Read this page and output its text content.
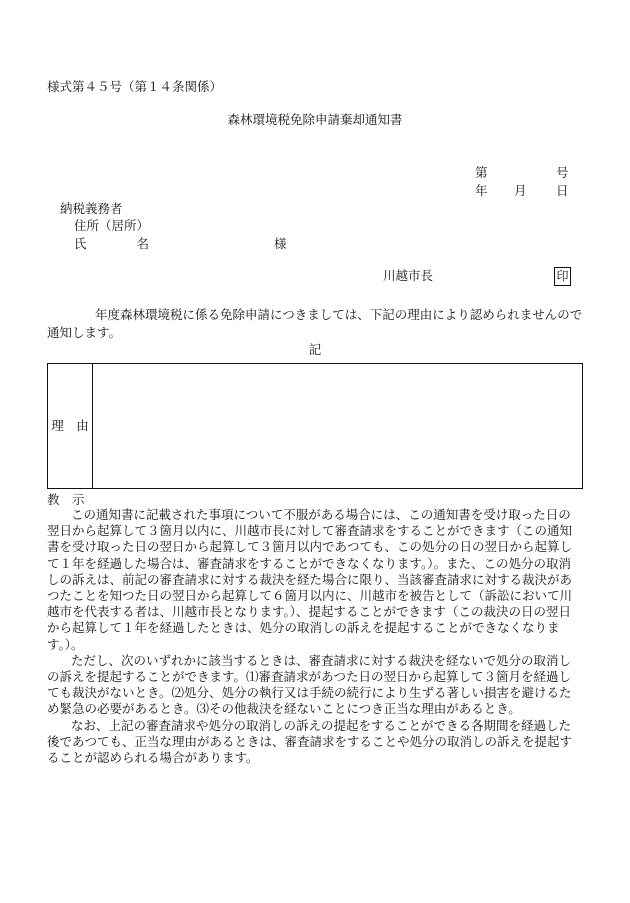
様式第４５号（第１４条関係）
森林環境税免除申請棄却通知書
第	号
年 月 日
納税義務者
住所（居所）
氏　　　　名	様
川越市長	印
年度森林環境税に係る免除申請につきましては、下記の理由により認められませんので通知します。
記
理　由
教　示

この通知書に記載された事項について不服がある場合には、この通知書を受け取った日の翌日から起算して３箇月以内に、川越市長に対して審査請求をすることができます（この通知書を受け取った日の翌日から起算して３箇月以内であつても、この処分の日の翌日から起算して１年を経過した場合は、審査請求をすることができなくなります。）。また、この処分の取消しの訴えは、前記の審査請求に対する裁決を経た場合に限り、当該審査請求に対する裁決があつたことを知つた日の翌日から起算して６箇月以内に、川越市を被告として（訴訟において川越市を代表する者は、川越市長となります。）、提起することができます（この裁決の日の翌日から起算して１年を経過したときは、処分の取消しの訴えを提起することができなくなります。）。

ただし、次のいずれかに該当するときは、審査請求に対する裁決を経ないで処分の取消しの訴えを提起することができます。⑴審査請求があつた日の翌日から起算して３箇月を経過しても裁決がないとき。⑵処分、処分の執行又は手続の続行により生ずる著しい損害を避けるため緊急の必要があるとき。⑶その他裁決を経ないことにつき正当な理由があるとき。

なお、上記の審査請求や処分の取消しの訴えの提起をすることができる各期間を経過した後であつても、正当な理由があるときは、審査請求をすることや処分の取消しの訴えを提起することが認められる場合があります。
